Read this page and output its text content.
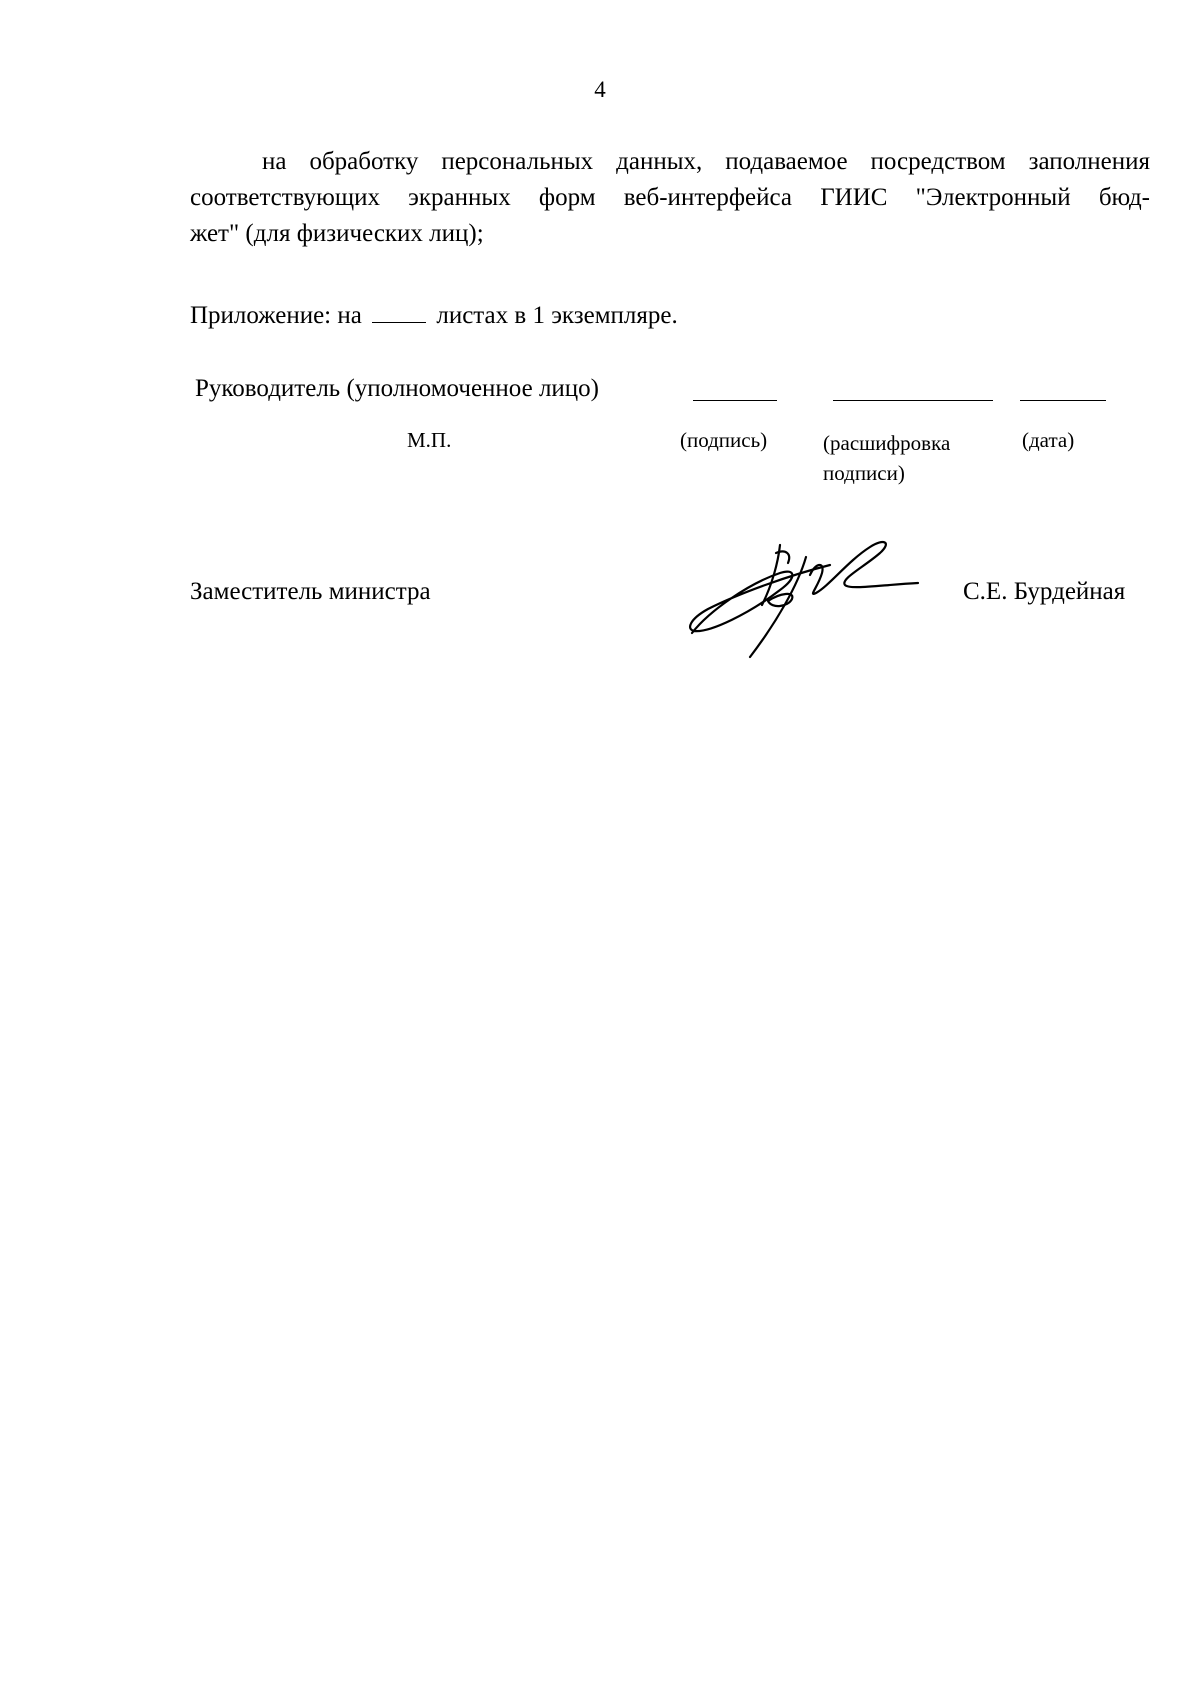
4
на обработку персональных данных, подаваемое посредством заполнения
соответствующих экранных форм веб-интерфейса ГИИС "Электронный бюд-
жет" (для физических лиц);
Приложение: на	листах в 1 экземпляре.
Руководитель (уполномоченное лицо)
М.П.	(подпись)	(расшифровка
подписи)
(дата)
Заместитель министра	С.Е. Бурдейная
